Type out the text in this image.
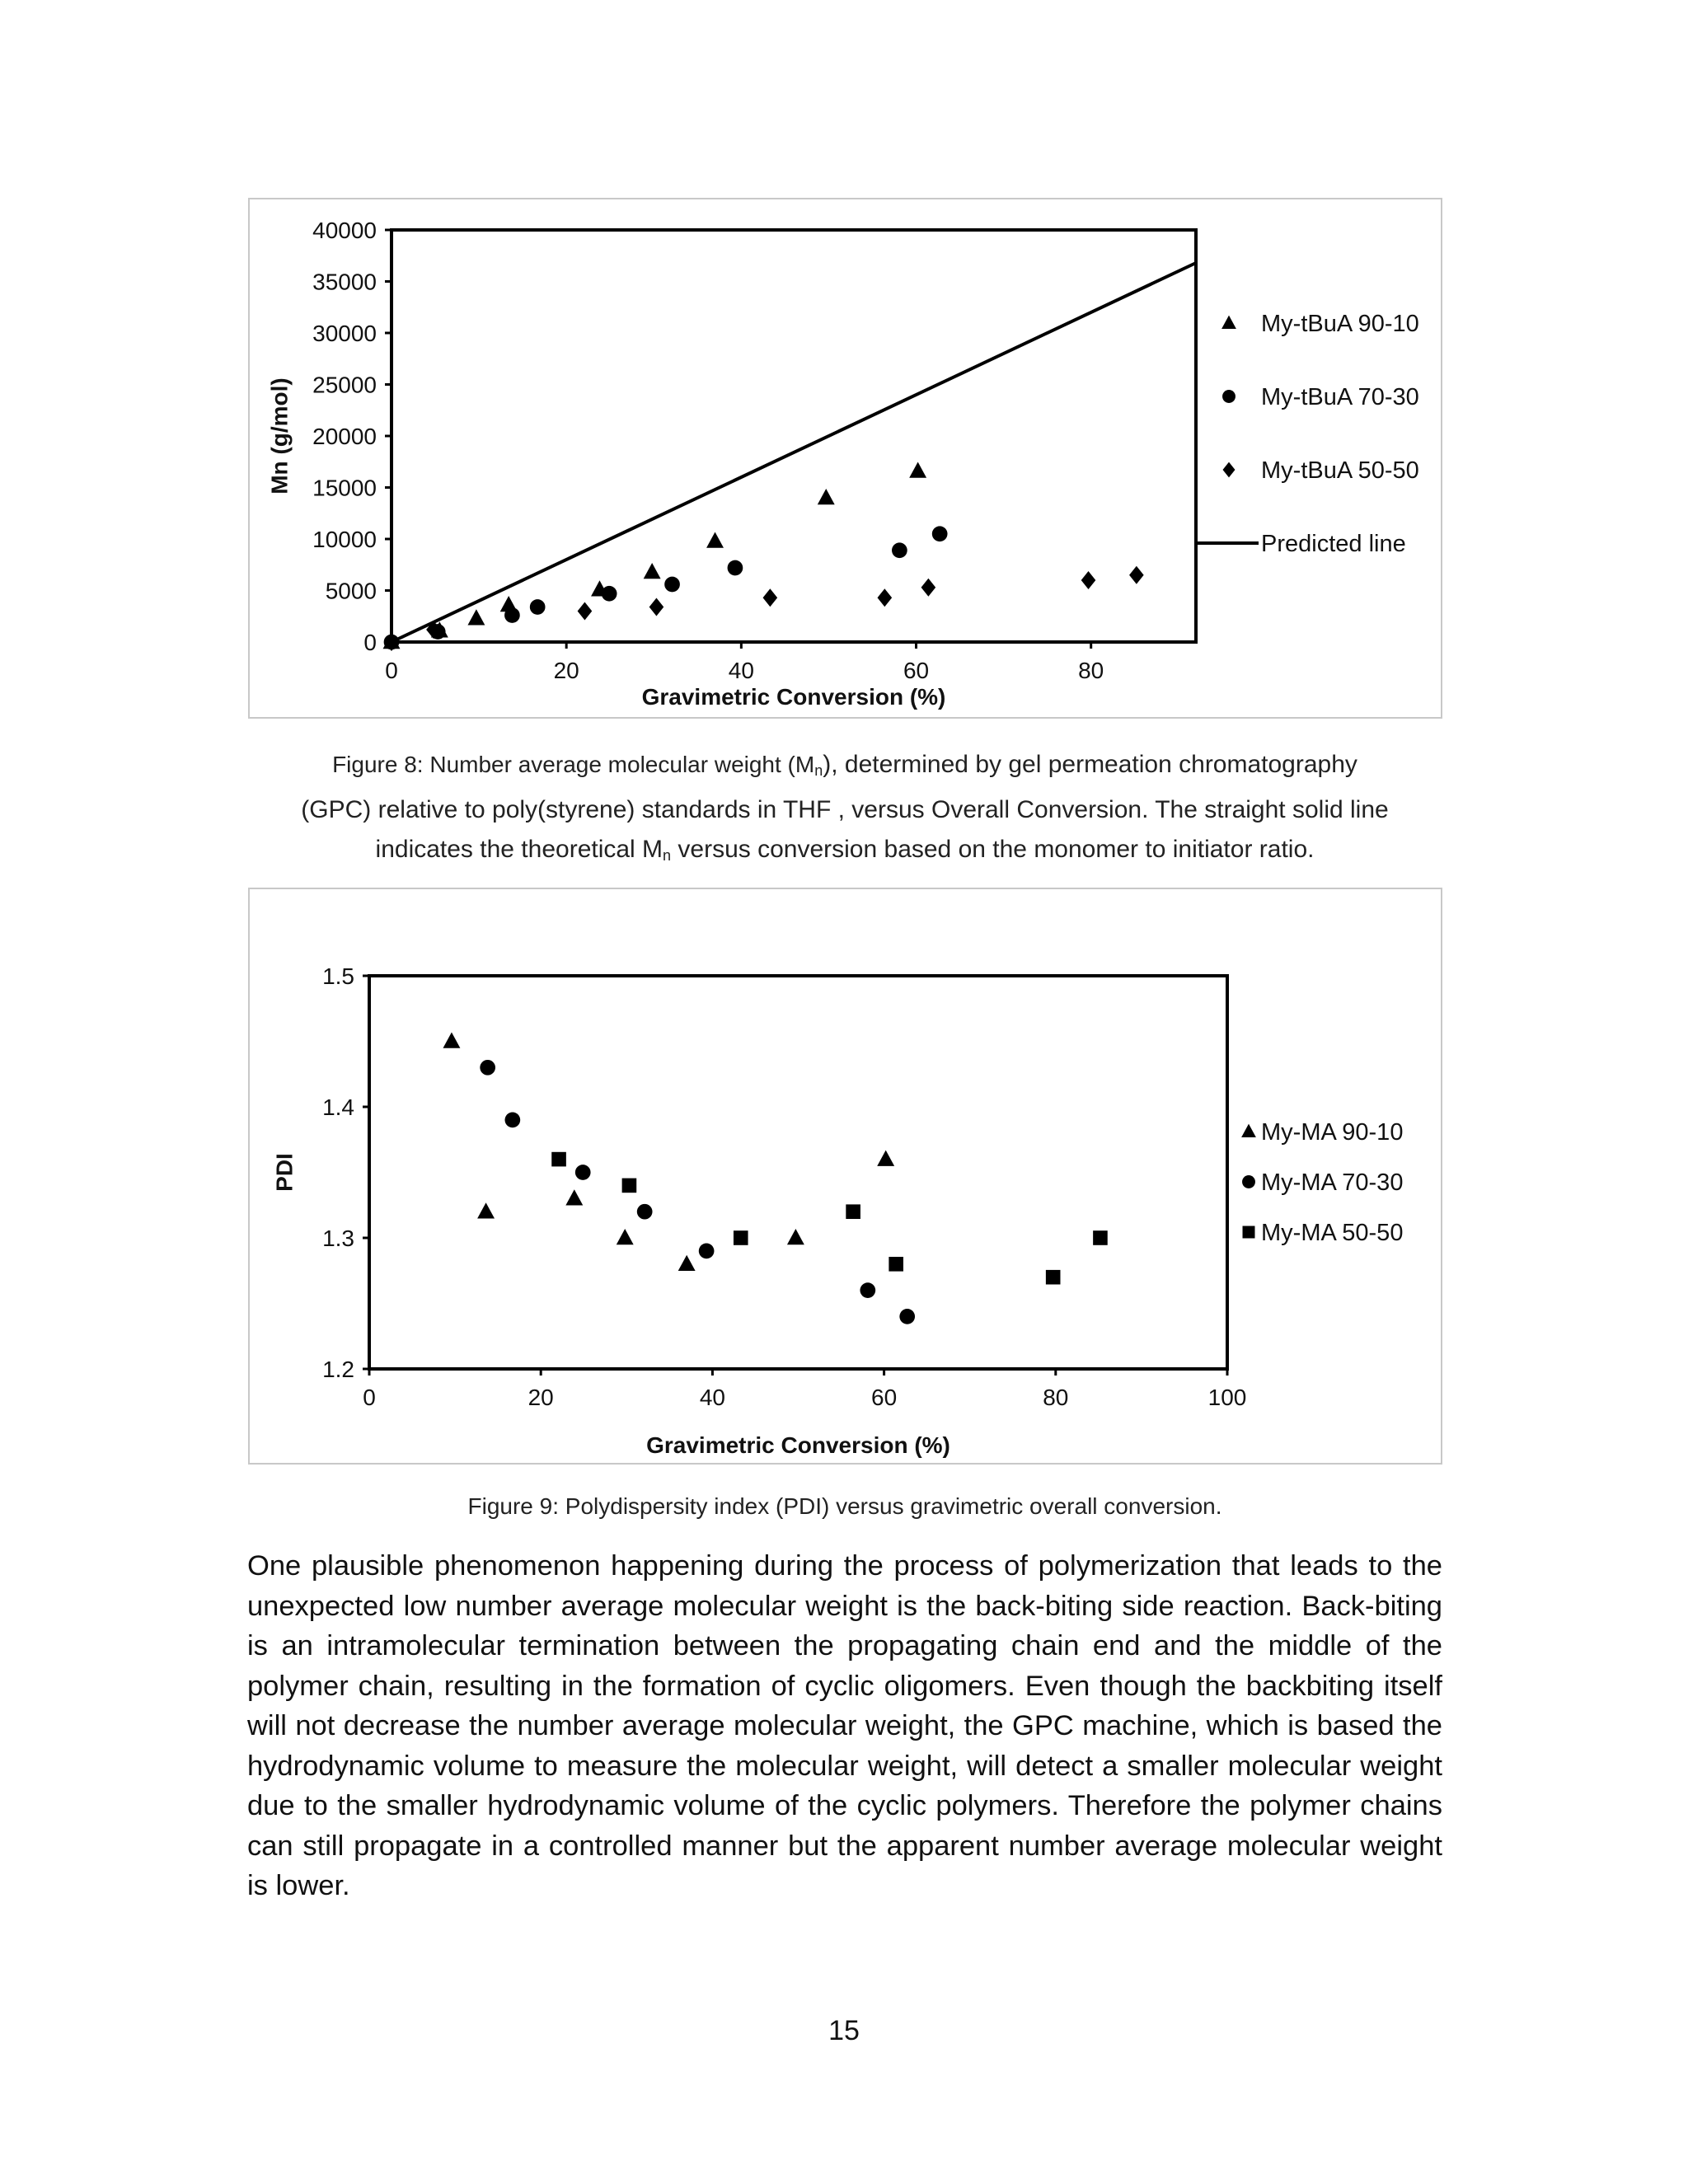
0
5000
10000
15000
20000
25000
30000
35000
40000
0	20	40	60	80
Gravimetric Conversion (%)
Mn (g/mol)
My-tBuA 90-10
My-tBuA 70-30
My-tBuA 50-50
Predicted line
Figure 8: Number average molecular weight $(M_n)$, determined by gel permeation chromatography
(GPC) relative to poly(styrene) standards in THF , versus Overall Conversion. The straight solid line
indicates the theoretical $M_n$ versus conversion based on the monomer to initiator ratio.
1.2
1.3
1.4
1.5
0	20	40	60	80	100
Gravimetric Conversion (%)
PDI
My-MA 90-10
My-MA 70-30
My-MA 50-50
Figure 9: Polydispersity index (PDI) versus gravimetric overall conversion.
One plausible phenomenon happening during the process of polymerization that leads to the unexpected low number average molecular weight is the back-biting side reaction. Back-biting is an intramolecular termination between the propagating chain end and the middle of the polymer chain, resulting in the formation of cyclic oligomers. Even though the backbiting itself will not decrease the number average molecular weight, the GPC machine, which is based the hydrodynamic volume to measure the molecular weight, will detect a smaller molecular weight due to the smaller hydrodynamic volume of the cyclic polymers. Therefore the polymer chains can still propagate in a controlled manner but the apparent number average molecular weight is lower.
15
